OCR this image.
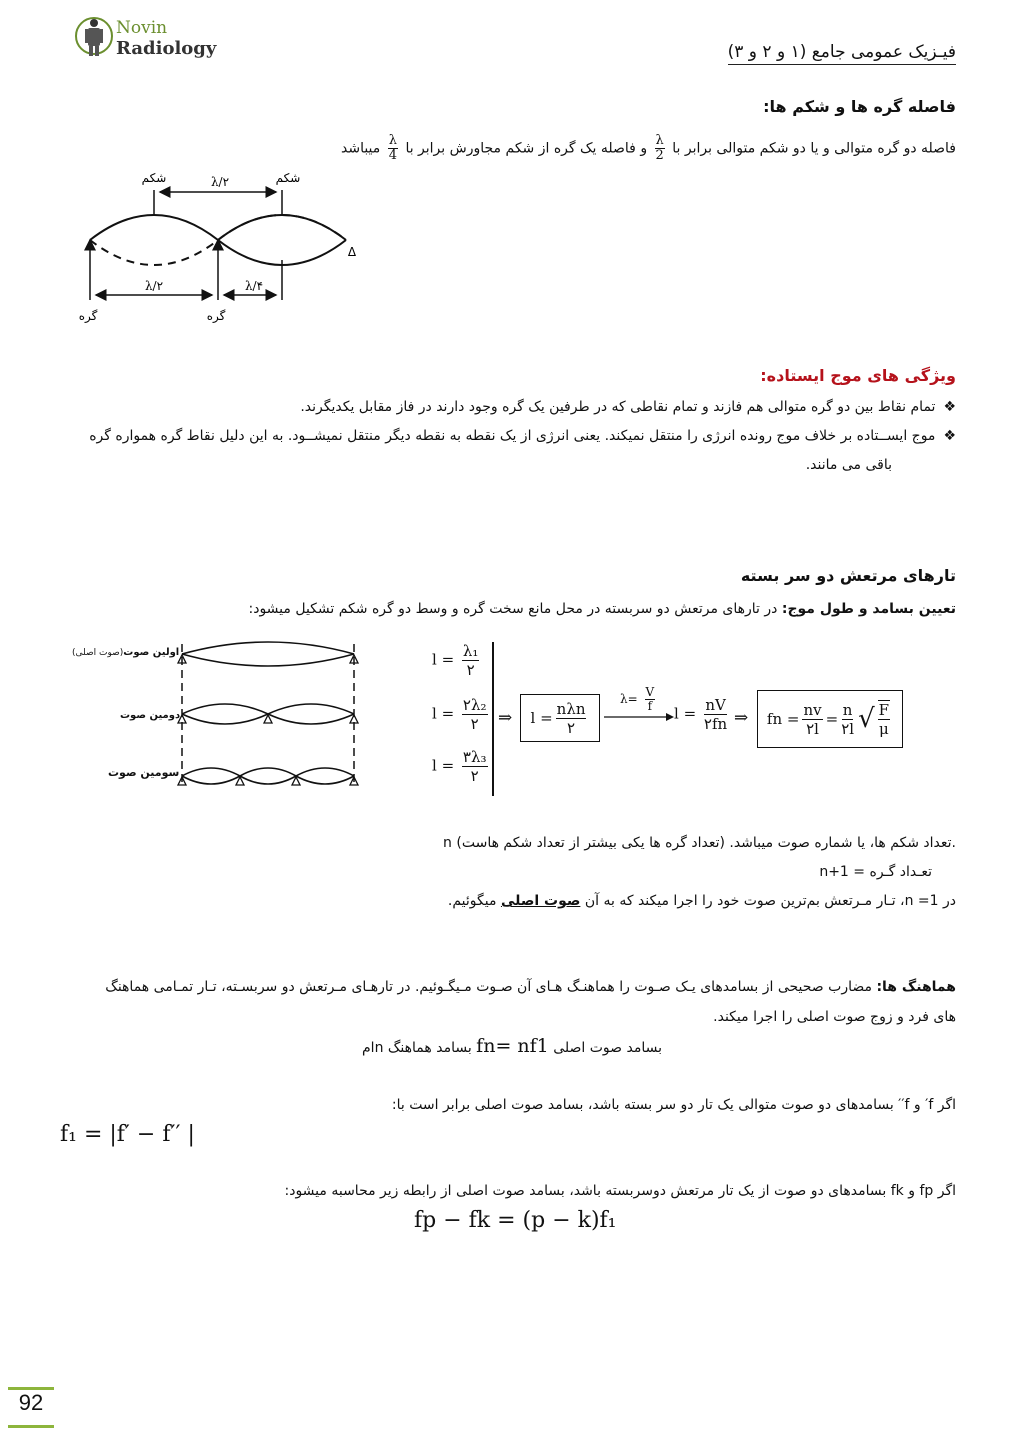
Novin
Radiology	فیـزیک عمومی جامع (۱ و ۲ و ۳)
فاصله گره ها و شکم ها:
فاصله دو گره متوالی و یا دو شکم متوالی برابر با
$\frac{\lambda}{2}$
و فاصله یک گره از شکم مجاورش برابر با
$\frac{\lambda}{4}$
میباشد
شکم	شکم
λ/۲
λ/۲	λ/۴
گره	گره
Δ
ویژگی های موج ایستاده:
❖تمام نقاط بین دو گره متوالی هم فازند و تمام نقاطی که در طرفین یک گره وجود دارند در فاز مقابل یکدیگرند.
❖موج ایســتاده بر خلاف موج رونده انرژی را منتقل نمیکند. یعنی انرژی از یک نقطه به نقطه دیگر منتقل نمیشــود. به این دلیل نقاط گره همواره گره
باقی می مانند.
تارهای مرتعش دو سر بسته
تعیین بسامد و طول موج: در تارهای مرتعش دو سربسته در محل مانع سخت گره و وسط دو گره شکم تشکیل میشود:
اولین صوت(صوت اصلی)
دومین صوت
سومین صوت
$l = \frac{\text{λ₁}}{۲}$
$l = \frac{\text{۲λ₂}}{۲}$
$l = \frac{\text{۳λ₃}}{۲}$
⇒ $l = \frac{\text{nλn}}{۲}$
$\lambda= \frac{V}{f}$
$l = \frac{nV}{۲fn}$ ⇒ fn = $\frac{nv}{۲l} = \frac{n}{۲l}$ √ $\frac{F}{\mu}$
n تعداد شکم ها، یا شماره صوت میباشد. (تعداد گره ها یکی بیشتر از تعداد شکم هاست).
n+1 = تعـداد گـره
در n =1، تـار مـرتعش بم‌ترین صوت خود را اجرا میکند که به آن صوت اصلی میگوئیم.
هماهنگ ها: مضارب صحیحی از بسامدهای یـک صـوت را هماهنـگ هـای آن صـوت مـیگـوئیم. در تارهـای مـرتعش دو سربسـته، تـار تمـامی هماهنگ
های فرد و زوج صوت اصلی را اجرا میکند.
بسامد صوت اصلی fn= nf1 بسامد هماهنگ nام
اگر f′ و f′′ بسامدهای دو صوت متوالی یک تار دو سر بسته باشد، بسامد صوت اصلی برابر است با:
f₁ = |f′ − f′′ |
اگر fp و fk بسامدهای دو صوت از یک تار مرتعش دوسربسته باشد، بسامد صوت اصلی از رابطه زیر محاسبه میشود:
fp − fk = (p − k)f₁
92
